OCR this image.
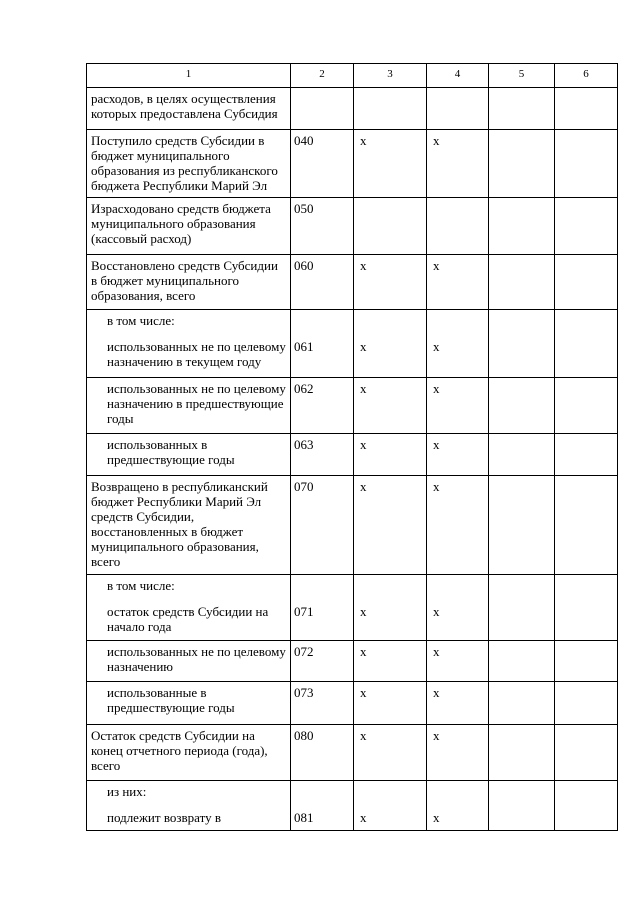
1	2	3	4	5	6
расходов, в целях осуществления которых предоставлена Субсидия					
Поступило средств Субсидии в бюджет муниципального образования из республиканского бюджета Республики Марий Эл	040	x	x		
Израсходовано средств бюджета муниципального образования (кассовый расход)	050				
Восстановлено средств Субсидии в бюджет муниципального образования, всего	060	x	x		
в том числе:					
использованных не по целевому назначению в текущем году	061	x	x		
использованных не по целевому назначению в предшествующие годы	062	x	x		
использованных в предшествующие годы	063	x	x		
Возвращено в республиканский бюджет Республики Марий Эл средств Субсидии, восстановленных в бюджет муниципального образования, всего	070	x	x		
в том числе:					
остаток средств Субсидии на начало года	071	x	x		
использованных не по целевому назначению	072	x	x		
использованные в предшествующие годы	073	x	x		
Остаток средств Субсидии на конец отчетного периода (года), всего	080	x	x		
из них:					
подлежит возврату в	081	x	x		
